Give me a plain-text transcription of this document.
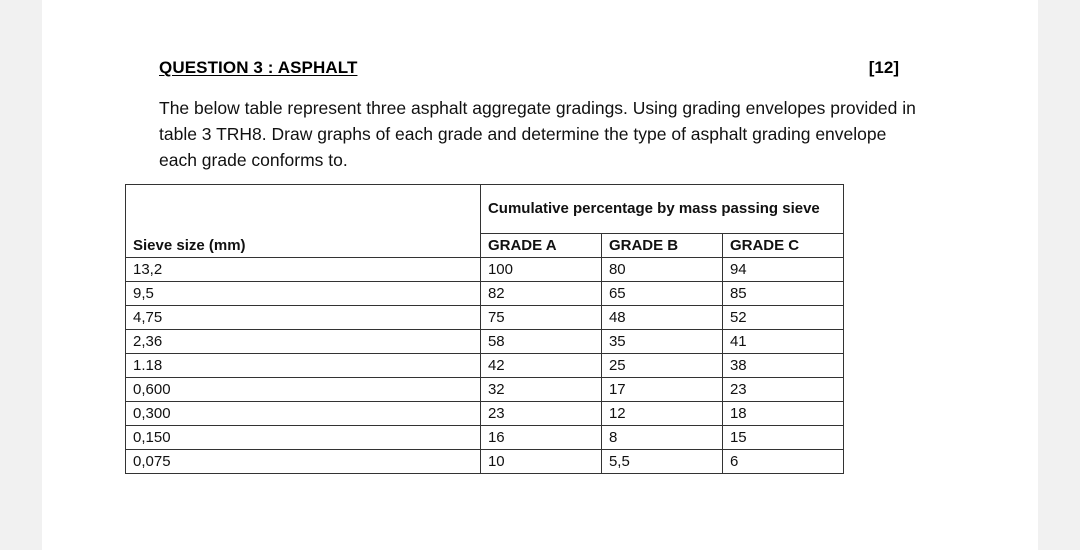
QUESTION 3 : ASPHALT	[12]
The below table represent three asphalt aggregate gradings. Using grading envelopes provided in table 3 TRH8. Draw graphs of each grade and determine the type of asphalt grading envelope each grade conforms to.
	Cumulative percentage by mass passing sieve		
Sieve size (mm)	GRADE A	GRADE B	GRADE C
13,2	100	80	94
9,5	82	65	85
4,75	75	48	52
2,36	58	35	41
1.18	42	25	38
0,600	32	17	23
0,300	23	12	18
0,150	16	8	15
0,075	10	5,5	6
